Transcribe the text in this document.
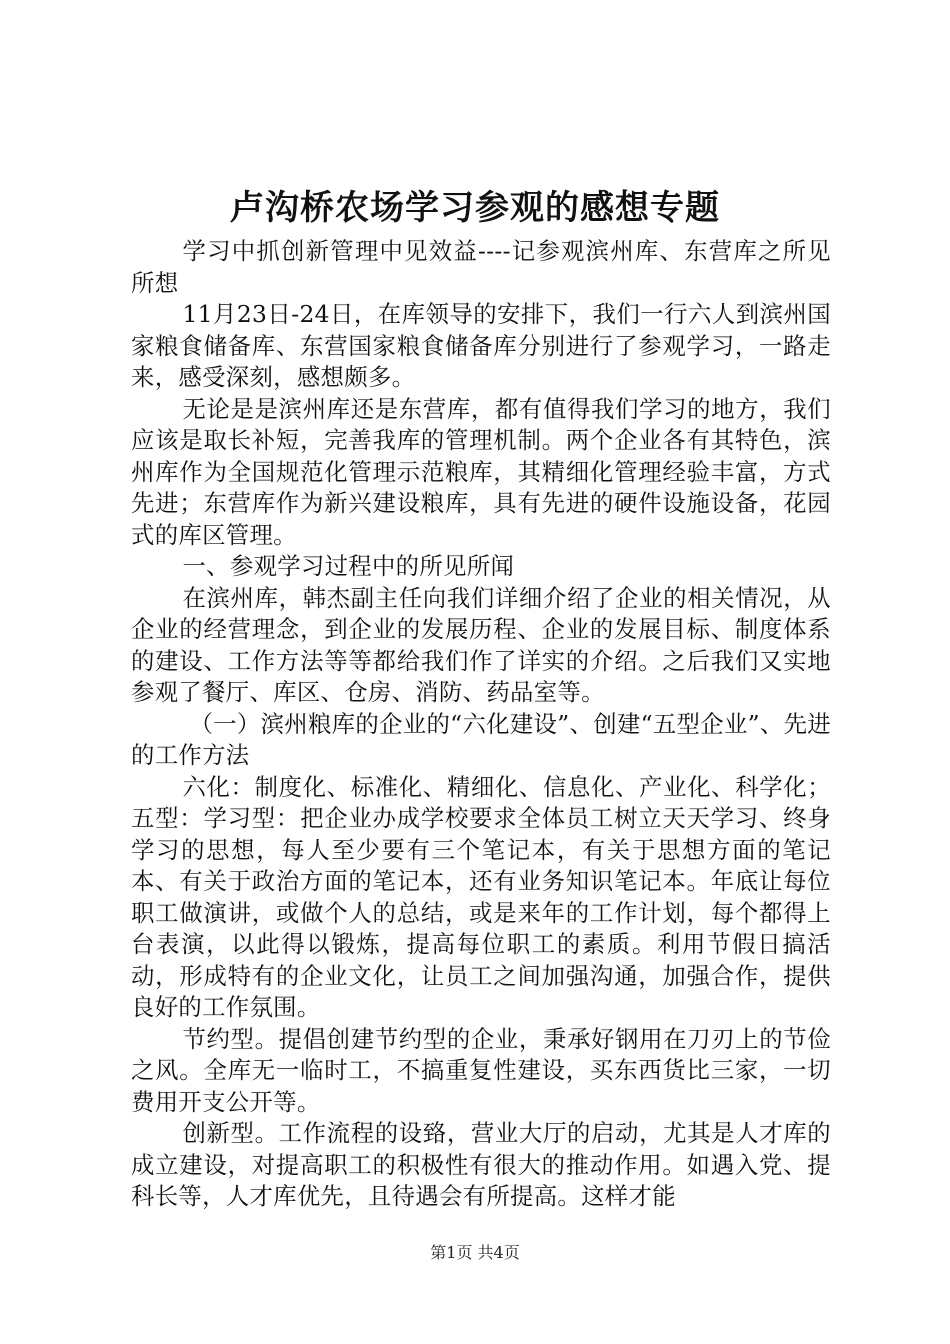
卢沟桥农场学习参观的感想专题

学习中抓创新管理中见效益----记参观滨州库、东营库之所见所想

11月23日-24日，在库领导的安排下，我们一行六人到滨州国家粮食储备库、东营国家粮食储备库分别进行了参观学习，一路走来，感受深刻，感想颇多。

无论是是滨州库还是东营库，都有值得我们学习的地方，我们应该是取长补短，完善我库的管理机制。两个企业各有其特色，滨州库作为全国规范化管理示范粮库，其精细化管理经验丰富，方式先进；东营库作为新兴建设粮库，具有先进的硬件设施设备，花园式的库区管理。

一、参观学习过程中的所见所闻

在滨州库，韩杰副主任向我们详细介绍了企业的相关情况，从企业的经营理念，到企业的发展历程、企业的发展目标、制度体系的建设、工作方法等等都给我们作了详实的介绍。之后我们又实地参观了餐厅、库区、仓房、消防、药品室等。

（一）滨州粮库的企业的“六化建设”、创建“五型企业”、先进的工作方法

六化：制度化、标准化、精细化、信息化、产业化、科学化；五型：学习型：把企业办成学校要求全体员工树立天天学习、终身学习的思想，每人至少要有三个笔记本，有关于思想方面的笔记本、有关于政治方面的笔记本，还有业务知识笔记本。年底让每位职工做演讲，或做个人的总结，或是来年的工作计划，每个都得上台表演，以此得以锻炼，提高每位职工的素质。利用节假日搞活动，形成特有的企业文化，让员工之间加强沟通，加强合作，提供良好的工作氛围。

节约型。提倡创建节约型的企业，秉承好钢用在刀刃上的节俭之风。全库无一临时工，不搞重复性建设，买东西货比三家，一切费用开支公开等。

创新型。工作流程的设臵，营业大厅的启动，尤其是人才库的成立建设，对提高职工的积极性有很大的推动作用。如遇入党、提科长等，人才库优先，且待遇会有所提高。这样才能

第1页 共4页
